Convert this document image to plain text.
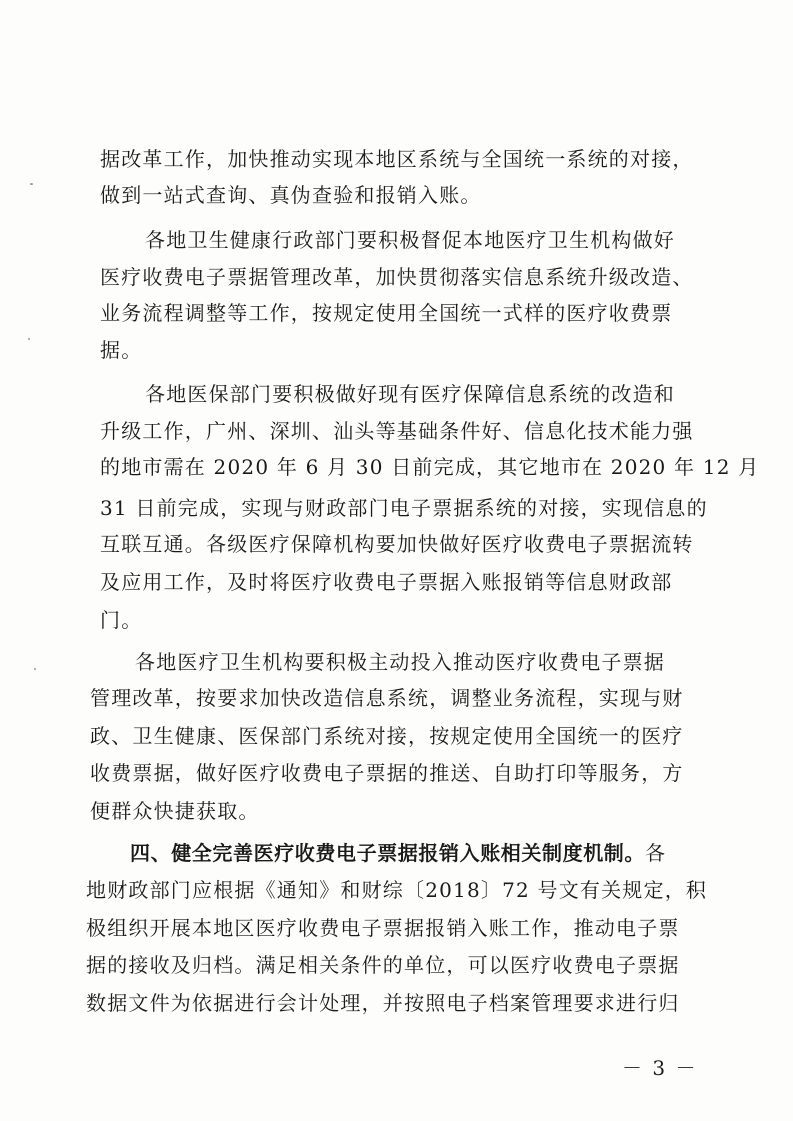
据改革工作，加快推动实现本地区系统与全国统一系统的对接，
做到一站式查询、真伪查验和报销入账。
各地卫生健康行政部门要积极督促本地医疗卫生机构做好
医疗收费电子票据管理改革，加快贯彻落实信息系统升级改造、
业务流程调整等工作，按规定使用全国统一式样的医疗收费票
据。
各地医保部门要积极做好现有医疗保障信息系统的改造和
升级工作，广州、深圳、汕头等基础条件好、信息化技术能力强
的地市需在 2020 年 6 月 30 日前完成，其它地市在 2020 年 12 月
31 日前完成，实现与财政部门电子票据系统的对接，实现信息的
互联互通。各级医疗保障机构要加快做好医疗收费电子票据流转
及应用工作，及时将医疗收费电子票据入账报销等信息财政部
门。
各地医疗卫生机构要积极主动投入推动医疗收费电子票据
管理改革，按要求加快改造信息系统，调整业务流程，实现与财
政、卫生健康、医保部门系统对接，按规定使用全国统一的医疗
收费票据，做好医疗收费电子票据的推送、自助打印等服务，方
便群众快捷获取。
四、健全完善医疗收费电子票据报销入账相关制度机制。各
地财政部门应根据《通知》和财综〔2018〕72 号文有关规定，积
极组织开展本地区医疗收费电子票据报销入账工作，推动电子票
据的接收及归档。满足相关条件的单位，可以医疗收费电子票据
数据文件为依据进行会计处理，并按照电子档案管理要求进行归
－ 3 －
